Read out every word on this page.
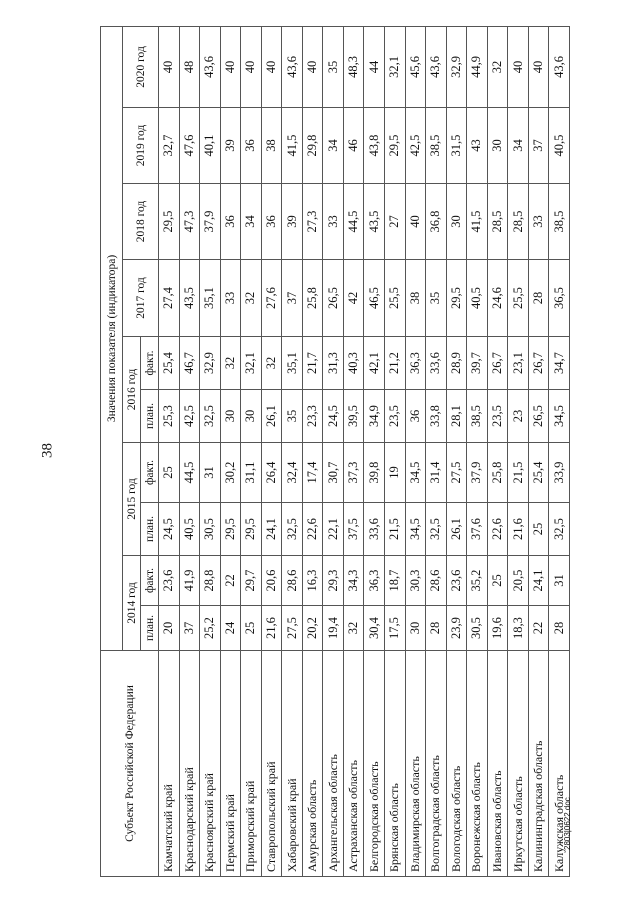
38
Субъект Российской Федерации	Значения показателя (индикатора)									
	2014 год		2015 год		2016 год		2017 год	2018 год	2019 год	2020 год
	план.	факт.	план.	факт.	план.	факт.				
Камчатский край	20	23,6	24,5	25	25,3	25,4	27,4	29,5	32,7	40
Краснодарский край	37	41,9	40,5	44,5	42,5	46,7	43,5	47,3	47,6	48
Красноярский край	25,2	28,8	30,5	31	32,5	32,9	35,1	37,9	40,1	43,6
Пермский край	24	22	29,5	30,2	30	32	33	36	39	40
Приморский край	25	29,7	29,5	31,1	30	32,1	32	34	36	40
Ставропольский край	21,6	20,6	24,1	26,4	26,1	32	27,6	36	38	40
Хабаровский край	27,5	28,6	32,5	32,4	35	35,1	37	39	41,5	43,6
Амурская область	20,2	16,3	22,6	17,4	23,3	21,7	25,8	27,3	29,8	40
Архангельская область	19,4	29,3	22,1	30,7	24,5	31,3	26,5	33	34	35
Астраханская область	32	34,3	37,5	37,3	39,5	40,3	42	44,5	46	48,3
Белгородская область	30,4	36,3	33,6	39,8	34,9	42,1	46,5	43,5	43,8	44
Брянская область	17,5	18,7	21,5	19	23,5	21,2	25,5	27	29,5	32,1
Владимирская область	30	30,3	34,5	34,5	36	36,3	38	40	42,5	45,6
Волгоградская область	28	28,6	32,5	31,4	33,8	33,6	35	36,8	38,5	43,6
Вологодская область	23,9	23,6	26,1	27,5	28,1	28,9	29,5	30	31,5	32,9
Воронежская область	30,5	35,2	37,6	37,9	38,5	39,7	40,5	41,5	43	44,9
Ивановская область	19,6	25	22,6	25,8	23,5	26,7	24,6	28,5	30	32
Иркутская область	18,3	20,5	21,6	21,5	23	23,1	25,5	28,5	34	40
Калининградская область	22	24,1	25	25,4	26,5	26,7	28	33	37	40
Калужская область	28	31	32,5	33,9	34,5	34,7	36,5	38,5	40,5	43,6
2803|0622.doc
